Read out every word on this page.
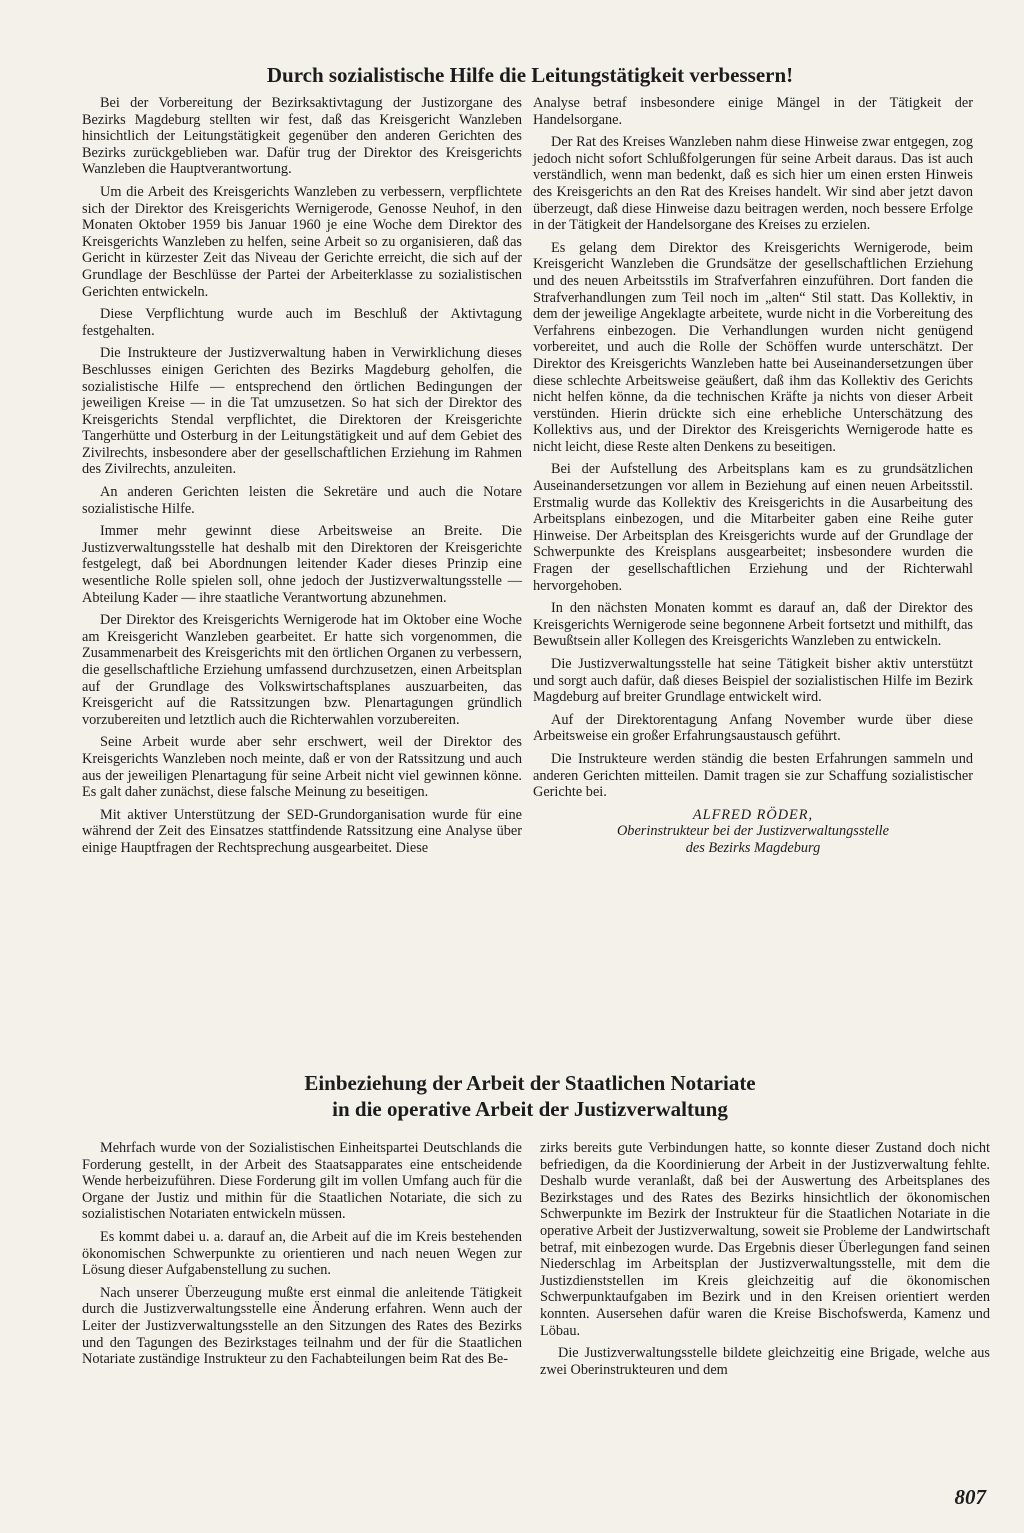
Durch sozialistische Hilfe die Leitungstätigkeit verbessern!

Bei der Vorbereitung der Bezirksaktivtagung der Justizorgane des Bezirks Magdeburg stellten wir fest, daß das Kreisgericht Wanzleben hinsichtlich der Leitungstätigkeit gegenüber den anderen Gerichten des Bezirks zurückgeblieben war. Dafür trug der Direktor des Kreisgerichts Wanzleben die Hauptverantwortung.

Um die Arbeit des Kreisgerichts Wanzleben zu verbessern, verpflichtete sich der Direktor des Kreisgerichts Wernigerode, Genosse Neuhof, in den Monaten Oktober 1959 bis Januar 1960 je eine Woche dem Direktor des Kreisgerichts Wanzleben zu helfen, seine Arbeit so zu organisieren, daß das Gericht in kürzester Zeit das Niveau der Gerichte erreicht, die sich auf der Grundlage der Beschlüsse der Partei der Arbeiterklasse zu sozialistischen Gerichten entwickeln.

Diese Verpflichtung wurde auch im Beschluß der Aktivtagung festgehalten.

Die Instrukteure der Justizverwaltung haben in Verwirklichung dieses Beschlusses einigen Gerichten des Bezirks Magdeburg geholfen, die sozialistische Hilfe — entsprechend den örtlichen Bedingungen der jeweiligen Kreise — in die Tat umzusetzen. So hat sich der Direktor des Kreisgerichts Stendal verpflichtet, die Direktoren der Kreisgerichte Tangerhütte und Osterburg in der Leitungstätigkeit und auf dem Gebiet des Zivilrechts, insbesondere aber der gesellschaftlichen Erziehung im Rahmen des Zivilrechts, anzuleiten.

An anderen Gerichten leisten die Sekretäre und auch die Notare sozialistische Hilfe.

Immer mehr gewinnt diese Arbeitsweise an Breite. Die Justizverwaltungsstelle hat deshalb mit den Direktoren der Kreisgerichte festgelegt, daß bei Abordnungen leitender Kader dieses Prinzip eine wesentliche Rolle spielen soll, ohne jedoch der Justizverwaltungsstelle — Abteilung Kader — ihre staatliche Verantwortung abzunehmen.

Der Direktor des Kreisgerichts Wernigerode hat im Oktober eine Woche am Kreisgericht Wanzleben gearbeitet. Er hatte sich vorgenommen, die Zusammenarbeit des Kreisgerichts mit den örtlichen Organen zu verbessern, die gesellschaftliche Erziehung umfassend durchzusetzen, einen Arbeitsplan auf der Grundlage des Volkswirtschaftsplanes auszuarbeiten, das Kreisgericht auf die Ratssitzungen bzw. Plenartagungen gründlich vorzubereiten und letztlich auch die Richterwahlen vorzubereiten.

Seine Arbeit wurde aber sehr erschwert, weil der Direktor des Kreisgerichts Wanzleben noch meinte, daß er von der Ratssitzung und auch aus der jeweiligen Plenartagung für seine Arbeit nicht viel gewinnen könne. Es galt daher zunächst, diese falsche Meinung zu beseitigen.

Mit aktiver Unterstützung der SED-Grundorganisation wurde für eine während der Zeit des Einsatzes stattfindende Ratssitzung eine Analyse über einige Hauptfragen der Rechtsprechung ausgearbeitet. Diese

Analyse betraf insbesondere einige Mängel in der Tätigkeit der Handelsorgane.

Der Rat des Kreises Wanzleben nahm diese Hinweise zwar entgegen, zog jedoch nicht sofort Schlußfolgerungen für seine Arbeit daraus. Das ist auch verständlich, wenn man bedenkt, daß es sich hier um einen ersten Hinweis des Kreisgerichts an den Rat des Kreises handelt. Wir sind aber jetzt davon überzeugt, daß diese Hinweise dazu beitragen werden, noch bessere Erfolge in der Tätigkeit der Handelsorgane des Kreises zu erzielen.

Es gelang dem Direktor des Kreisgerichts Wernigerode, beim Kreisgericht Wanzleben die Grundsätze der gesellschaftlichen Erziehung und des neuen Arbeitsstils im Strafverfahren einzuführen. Dort fanden die Strafverhandlungen zum Teil noch im „alten“ Stil statt. Das Kollektiv, in dem der jeweilige Angeklagte arbeitete, wurde nicht in die Vorbereitung des Verfahrens einbezogen. Die Verhandlungen wurden nicht genügend vorbereitet, und auch die Rolle der Schöffen wurde unterschätzt. Der Direktor des Kreisgerichts Wanzleben hatte bei Auseinandersetzungen über diese schlechte Arbeitsweise geäußert, daß ihm das Kollektiv des Gerichts nicht helfen könne, da die technischen Kräfte ja nichts von dieser Arbeit verstünden. Hierin drückte sich eine erhebliche Unterschätzung des Kollektivs aus, und der Direktor des Kreisgerichts Wernigerode hatte es nicht leicht, diese Reste alten Denkens zu beseitigen.

Bei der Aufstellung des Arbeitsplans kam es zu grundsätzlichen Auseinandersetzungen vor allem in Beziehung auf einen neuen Arbeitsstil. Erstmalig wurde das Kollektiv des Kreisgerichts in die Ausarbeitung des Arbeitsplans einbezogen, und die Mitarbeiter gaben eine Reihe guter Hinweise. Der Arbeitsplan des Kreisgerichts wurde auf der Grundlage der Schwerpunkte des Kreisplans ausgearbeitet; insbesondere wurden die Fragen der gesellschaftlichen Erziehung und der Richterwahl hervorgehoben.

In den nächsten Monaten kommt es darauf an, daß der Direktor des Kreisgerichts Wernigerode seine begonnene Arbeit fortsetzt und mithilft, das Bewußtsein aller Kollegen des Kreisgerichts Wanzleben zu entwickeln.

Die Justizverwaltungsstelle hat seine Tätigkeit bisher aktiv unterstützt und sorgt auch dafür, daß dieses Beispiel der sozialistischen Hilfe im Bezirk Magdeburg auf breiter Grundlage entwickelt wird.

Auf der Direktorentagung Anfang November wurde über diese Arbeitsweise ein großer Erfahrungsaustausch geführt.

Die Instrukteure werden ständig die besten Erfahrungen sammeln und anderen Gerichten mitteilen. Damit tragen sie zur Schaffung sozialistischer Gerichte bei.

ALFRED RÖDER,
Oberinstrukteur bei der Justizverwaltungsstelle
des Bezirks Magdeburg
Einbeziehung der Arbeit der Staatlichen Notariate
in die operative Arbeit der Justizverwaltung

Mehrfach wurde von der Sozialistischen Einheitspartei Deutschlands die Forderung gestellt, in der Arbeit des Staatsapparates eine entscheidende Wende herbeizuführen. Diese Forderung gilt im vollen Umfang auch für die Organe der Justiz und mithin für die Staatlichen Notariate, die sich zu sozialistischen Notariaten entwickeln müssen.

Es kommt dabei u. a. darauf an, die Arbeit auf die im Kreis bestehenden ökonomischen Schwerpunkte zu orientieren und nach neuen Wegen zur Lösung dieser Aufgabenstellung zu suchen.

Nach unserer Überzeugung mußte erst einmal die anleitende Tätigkeit durch die Justizverwaltungsstelle eine Änderung erfahren. Wenn auch der Leiter der Justizverwaltungsstelle an den Sitzungen des Rates des Bezirks und den Tagungen des Bezirkstages teilnahm und der für die Staatlichen Notariate zuständige Instrukteur zu den Fachabteilungen beim Rat des Be-

zirks bereits gute Verbindungen hatte, so konnte dieser Zustand doch nicht befriedigen, da die Koordinierung der Arbeit in der Justizverwaltung fehlte. Deshalb wurde veranlaßt, daß bei der Auswertung des Arbeitsplanes des Bezirkstages und des Rates des Bezirks hinsichtlich der ökonomischen Schwerpunkte im Bezirk der Instrukteur für die Staatlichen Notariate in die operative Arbeit der Justizverwaltung, soweit sie Probleme der Landwirtschaft betraf, mit einbezogen wurde. Das Ergebnis dieser Überlegungen fand seinen Niederschlag im Arbeitsplan der Justizverwaltungsstelle, mit dem die Justizdienststellen im Kreis gleichzeitig auf die ökonomischen Schwerpunktaufgaben im Bezirk und in den Kreisen orientiert werden konnten. Ausersehen dafür waren die Kreise Bischofswerda, Kamenz und Löbau.

Die Justizverwaltungsstelle bildete gleichzeitig eine Brigade, welche aus zwei Oberinstrukteuren und dem

807
